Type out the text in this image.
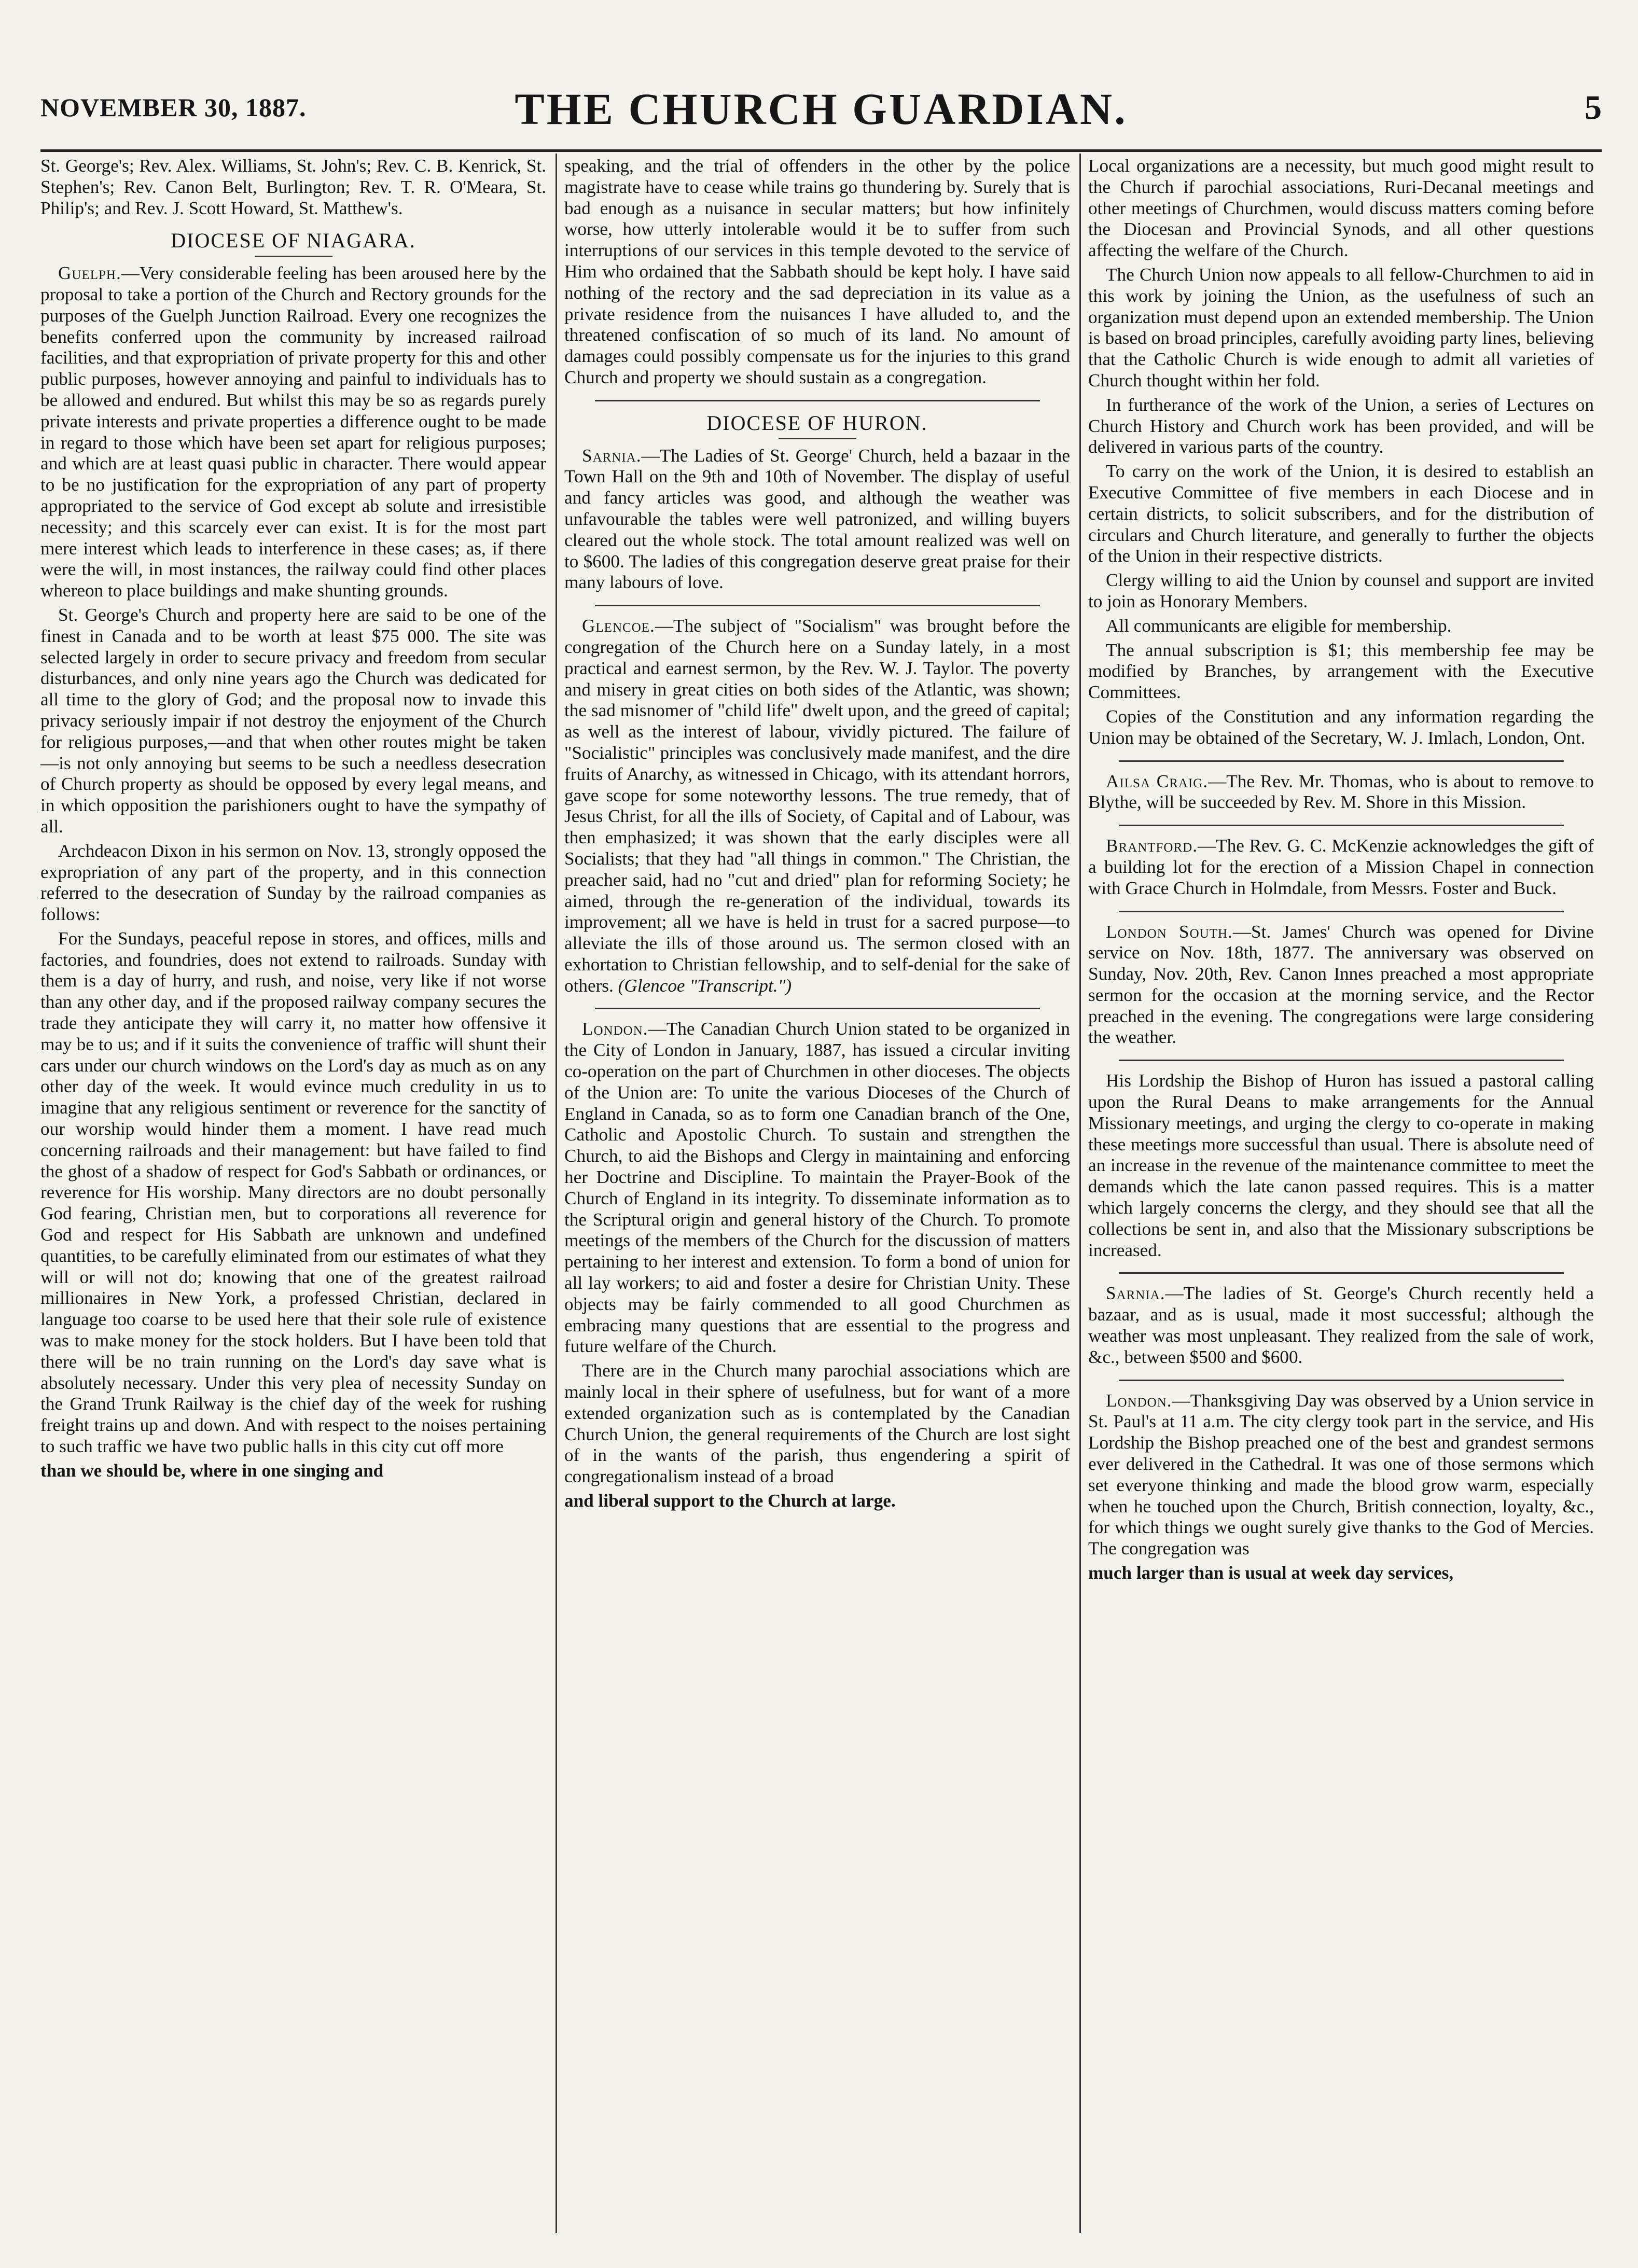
NOVEMBER 30, 1887.	THE CHURCH GUARDIAN.	5

St. George's; Rev. Alex. Williams, St. John's; Rev. C. B. Kenrick, St. Stephen's; Rev. Canon Belt, Burlington; Rev. T. R. O'Meara, St. Philip's; and Rev. J. Scott Howard, St. Matthew's.

DIOCESE OF NIAGARA.

Guelph.—Very considerable feeling has been aroused here by the proposal to take a portion of the Church and Rectory grounds for the purposes of the Guelph Junction Railroad. Every one recognizes the benefits conferred upon the community by increased railroad facilities, and that expropriation of private property for this and other public purposes, however annoying and painful to individuals has to be allowed and endured. But whilst this may be so as regards purely private interests and private properties a difference ought to be made in regard to those which have been set apart for religious purposes; and which are at least quasi public in character. There would appear to be no justification for the expropriation of any part of property appropriated to the service of God except ab solute and irresistible necessity; and this scarcely ever can exist. It is for the most part mere interest which leads to interference in these cases; as, if there were the will, in most instances, the railway could find other places whereon to place buildings and make shunting grounds.

St. George's Church and property here are said to be one of the finest in Canada and to be worth at least $75 000. The site was selected largely in order to secure privacy and freedom from secular disturbances, and only nine years ago the Church was dedicated for all time to the glory of God; and the proposal now to invade this privacy seriously impair if not destroy the enjoyment of the Church for religious purposes,—and that when other routes might be taken—is not only annoying but seems to be such a needless desecration of Church property as should be opposed by every legal means, and in which opposition the parishioners ought to have the sympathy of all.

Archdeacon Dixon in his sermon on Nov. 13, strongly opposed the expropriation of any part of the property, and in this connection referred to the desecration of Sunday by the railroad companies as follows:

For the Sundays, peaceful repose in stores, and offices, mills and factories, and foundries, does not extend to railroads. Sunday with them is a day of hurry, and rush, and noise, very like if not worse than any other day, and if the proposed railway company secures the trade they anticipate they will carry it, no matter how offensive it may be to us; and if it suits the convenience of traffic will shunt their cars under our church windows on the Lord's day as much as on any other day of the week. It would evince much credulity in us to imagine that any religious sentiment or reverence for the sanctity of our worship would hinder them a moment. I have read much concerning railroads and their management: but have failed to find the ghost of a shadow of respect for God's Sabbath or ordinances, or reverence for His worship. Many directors are no doubt personally God fearing, Christian men, but to corporations all reverence for God and respect for His Sabbath are unknown and undefined quantities, to be carefully eliminated from our estimates of what they will or will not do; knowing that one of the greatest railroad millionaires in New York, a professed Christian, declared in language too coarse to be used here that their sole rule of existence was to make money for the stock holders. But I have been told that there will be no train running on the Lord's day save what is absolutely necessary. Under this very plea of necessity Sunday on the Grand Trunk Railway is the chief day of the week for rushing freight trains up and down. And with respect to the noises pertaining to such traffic we have two public halls in this city cut off more

than we should be, where in one singing and

speaking, and the trial of offenders in the other by the police magistrate have to cease while trains go thundering by. Surely that is bad enough as a nuisance in secular matters; but how infinitely worse, how utterly intolerable would it be to suffer from such interruptions of our services in this temple devoted to the service of Him who ordained that the Sabbath should be kept holy. I have said nothing of the rectory and the sad depreciation in its value as a private residence from the nuisances I have alluded to, and the threatened confiscation of so much of its land. No amount of damages could possibly compensate us for the injuries to this grand Church and property we should sustain as a congregation.

DIOCESE OF HURON.

Sarnia.—The Ladies of St. George' Church, held a bazaar in the Town Hall on the 9th and 10th of November. The display of useful and fancy articles was good, and although the weather was unfavourable the tables were well patronized, and willing buyers cleared out the whole stock. The total amount realized was well on to $600. The ladies of this congregation deserve great praise for their many labours of love.

Glencoe.—The subject of "Socialism" was brought before the congregation of the Church here on a Sunday lately, in a most practical and earnest sermon, by the Rev. W. J. Taylor. The poverty and misery in great cities on both sides of the Atlantic, was shown; the sad misnomer of "child life" dwelt upon, and the greed of capital; as well as the interest of labour, vividly pictured. The failure of "Socialistic" principles was conclusively made manifest, and the dire fruits of Anarchy, as witnessed in Chicago, with its attendant horrors, gave scope for some noteworthy lessons. The true remedy, that of Jesus Christ, for all the ills of Society, of Capital and of Labour, was then emphasized; it was shown that the early disciples were all Socialists; that they had "all things in common." The Christian, the preacher said, had no "cut and dried" plan for reforming Society; he aimed, through the re-generation of the individual, towards its improvement; all we have is held in trust for a sacred purpose—to alleviate the ills of those around us. The sermon closed with an exhortation to Christian fellowship, and to self-denial for the sake of others. (Glencoe "Transcript.")

London.—The Canadian Church Union stated to be organized in the City of London in January, 1887, has issued a circular inviting co-operation on the part of Churchmen in other dioceses. The objects of the Union are: To unite the various Dioceses of the Church of England in Canada, so as to form one Canadian branch of the One, Catholic and Apostolic Church. To sustain and strengthen the Church, to aid the Bishops and Clergy in maintaining and enforcing her Doctrine and Discipline. To maintain the Prayer-Book of the Church of England in its integrity. To disseminate information as to the Scriptural origin and general history of the Church. To promote meetings of the members of the Church for the discussion of matters pertaining to her interest and extension. To form a bond of union for all lay workers; to aid and foster a desire for Christian Unity. These objects may be fairly commended to all good Churchmen as embracing many questions that are essential to the progress and future welfare of the Church.

There are in the Church many parochial associations which are mainly local in their sphere of usefulness, but for want of a more extended organization such as is contemplated by the Canadian Church Union, the general requirements of the Church are lost sight of in the wants of the parish, thus engendering a spirit of congregationalism instead of a broad

and liberal support to the Church at large.

Local organizations are a necessity, but much good might result to the Church if parochial associations, Ruri-Decanal meetings and other meetings of Churchmen, would discuss matters coming before the Diocesan and Provincial Synods, and all other questions affecting the welfare of the Church.

The Church Union now appeals to all fellow-Churchmen to aid in this work by joining the Union, as the usefulness of such an organization must depend upon an extended membership. The Union is based on broad principles, carefully avoiding party lines, believing that the Catholic Church is wide enough to admit all varieties of Church thought within her fold.

In furtherance of the work of the Union, a series of Lectures on Church History and Church work has been provided, and will be delivered in various parts of the country.

To carry on the work of the Union, it is desired to establish an Executive Committee of five members in each Diocese and in certain districts, to solicit subscribers, and for the distribution of circulars and Church literature, and generally to further the objects of the Union in their respective districts.

Clergy willing to aid the Union by counsel and support are invited to join as Honorary Members.

All communicants are eligible for membership.

The annual subscription is $1; this membership fee may be modified by Branches, by arrangement with the Executive Committees.

Copies of the Constitution and any information regarding the Union may be obtained of the Secretary, W. J. Imlach, London, Ont.

Ailsa Craig.—The Rev. Mr. Thomas, who is about to remove to Blythe, will be succeeded by Rev. M. Shore in this Mission.

Brantford.—The Rev. G. C. McKenzie acknowledges the gift of a building lot for the erection of a Mission Chapel in connection with Grace Church in Holmdale, from Messrs. Foster and Buck.

London South.—St. James' Church was opened for Divine service on Nov. 18th, 1877. The anniversary was observed on Sunday, Nov. 20th, Rev. Canon Innes preached a most appropriate sermon for the occasion at the morning service, and the Rector preached in the evening. The congregations were large considering the weather.

His Lordship the Bishop of Huron has issued a pastoral calling upon the Rural Deans to make arrangements for the Annual Missionary meetings, and urging the clergy to co-operate in making these meetings more successful than usual. There is absolute need of an increase in the revenue of the maintenance committee to meet the demands which the late canon passed requires. This is a matter which largely concerns the clergy, and they should see that all the collections be sent in, and also that the Missionary subscriptions be increased.

Sarnia.—The ladies of St. George's Church recently held a bazaar, and as is usual, made it most successful; although the weather was most unpleasant. They realized from the sale of work, &c., between $500 and $600.

London.—Thanksgiving Day was observed by a Union service in St. Paul's at 11 a.m. The city clergy took part in the service, and His Lordship the Bishop preached one of the best and grandest sermons ever delivered in the Cathedral. It was one of those sermons which set everyone thinking and made the blood grow warm, especially when he touched upon the Church, British connection, loyalty, &c., for which things we ought surely give thanks to the God of Mercies. The congregation was

much larger than is usual at week day services,
